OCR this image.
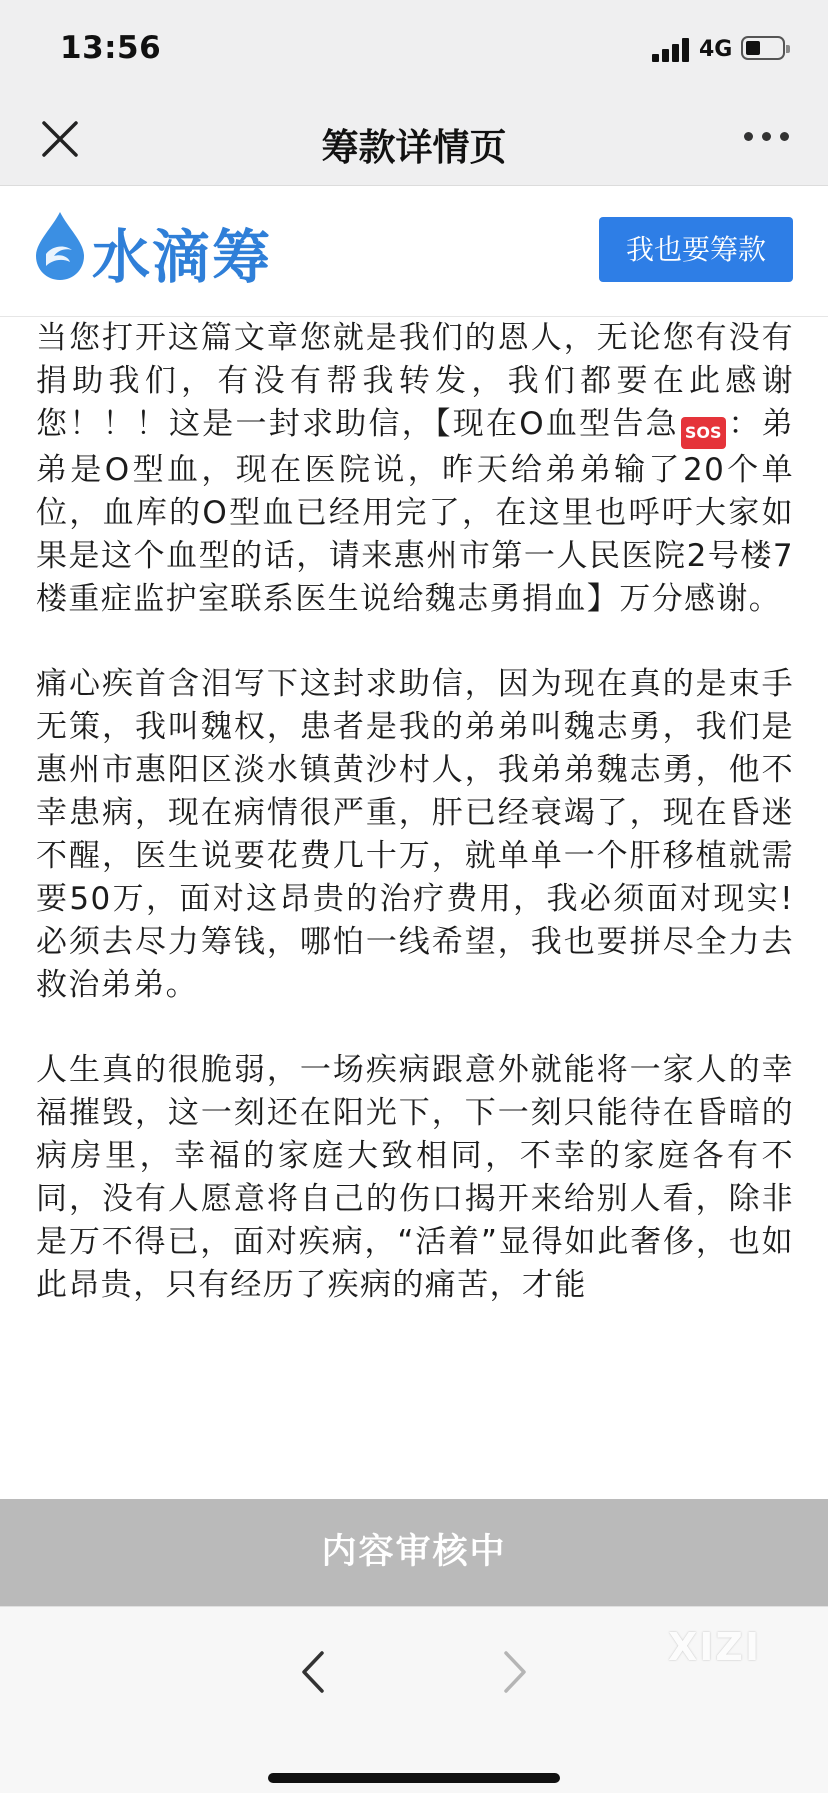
13:56	4G
筹款详情页
水滴筹	我也要筹款

当您打开这篇文章您就是我们的恩人，无论您有没有捐助我们，有没有帮我转发，我们都要在此感谢您！！！这是一封求助信，【现在O血型告急 SOS ：弟弟是O型血，现在医院说，昨天给弟弟输了20个单位，血库的O型血已经用完了，在这里也呼吁大家如果是这个血型的话，请来惠州市第一人民医院2号楼7楼重症监护室联系医生说给魏志勇捐血】万分感谢。

痛心疾首含泪写下这封求助信，因为现在真的是束手无策，我叫魏权，患者是我的弟弟叫魏志勇，我们是惠州市惠阳区淡水镇黄沙村人，我弟弟魏志勇，他不幸患病，现在病情很严重，肝已经衰竭了，现在昏迷不醒，医生说要花费几十万，就单单一个肝移植就需要50万，面对这昂贵的治疗费用，我必须面对现实!必须去尽力筹钱，哪怕一线希望，我也要拼尽全力去救治弟弟。

人生真的很脆弱，一场疾病跟意外就能将一家人的幸福摧毁，这一刻还在阳光下，下一刻只能待在昏暗的病房里，幸福的家庭大致相同，不幸的家庭各有不同，没有人愿意将自己的伤口揭开来给别人看，除非是万不得已，面对疾病，“活着”显得如此奢侈，也如此昂贵，只有经历了疾病的痛苦，才能

内容审核中
XIZI
